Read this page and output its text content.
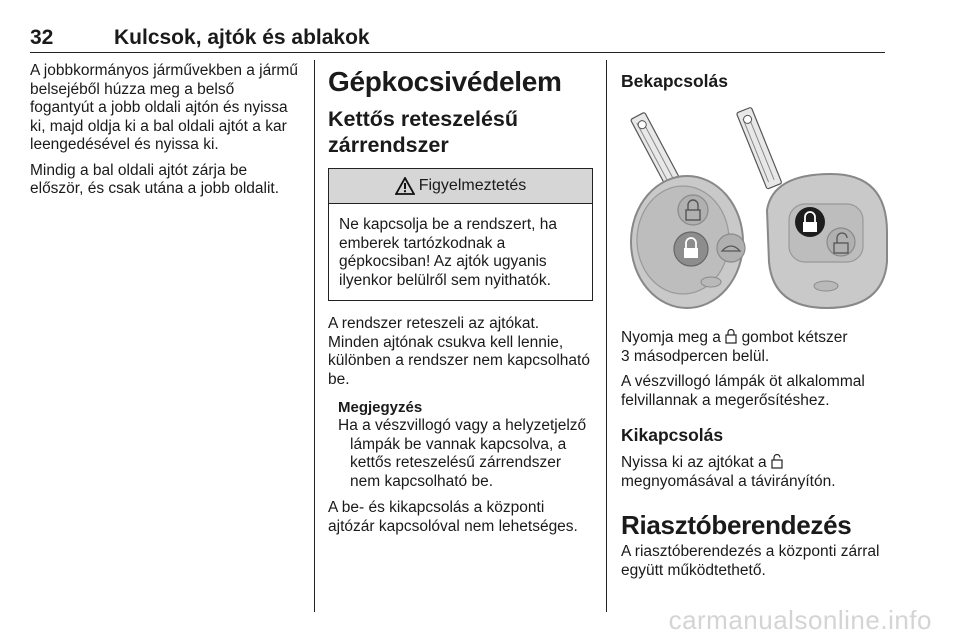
32	Kulcsok, ajtók és ablakok

A jobbkormányos járművekben a jármű belsejéből húzza meg a belső fogantyút a jobb oldali ajtón és nyissa ki, majd oldja ki a bal oldali ajtót a kar leengedésével és nyissa ki.

Mindig a bal oldali ajtót zárja be először, és csak utána a jobb oldalit.

Gépkocsivédelem
Kettős reteszelésű
zárrendszer
Figyelmeztetés

Ne kapcsolja be a rendszert, ha emberek tartózkodnak a gépkocsiban! Az ajtók ugyanis ilyenkor belülről sem nyithatók.

A rendszer reteszeli az ajtókat. Minden ajtónak csukva kell lennie, különben a rendszer nem kapcsolható be.

Megjegyzés

Ha a vészvillogó vagy a helyzetjelző
lámpák be vannak kapcsolva, a kettős reteszelésű zárrendszer nem kapcsolható be.

A be- és kikapcsolás a központi ajtózár kapcsolóval nem lehetséges.

Bekapcsolás

Nyomja meg a gombot kétszer
3 másodpercen belül.

A vészvillogó lámpák öt alkalommal felvillannak a megerősítéshez.

Kikapcsolás

Nyissa ki az ajtókat a
megnyomásával a távirányítón.

Riasztóberendezés

A riasztóberendezés a központi zárral együtt működtethető.

carmanualsonline.info
